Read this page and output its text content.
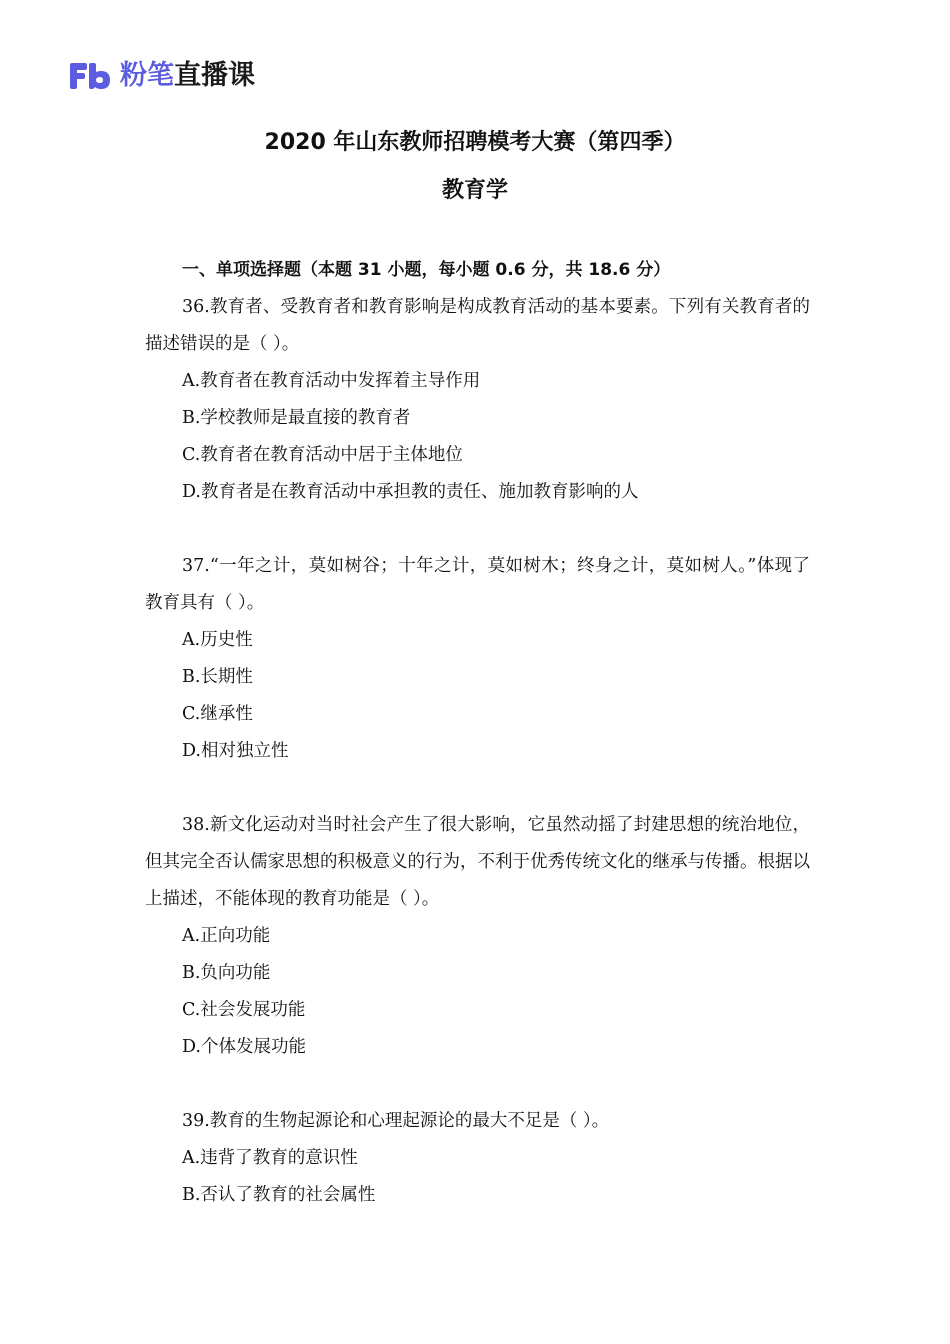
粉笔直播课
2020 年山东教师招聘模考大赛（第四季）
教育学

一、单项选择题（本题 31 小题，每小题 0.6 分，共 18.6 分）

36.教育者、受教育者和教育影响是构成教育活动的基本要素。下列有关教育者的描述错误的是（ ）。

A.教育者在教育活动中发挥着主导作用

B.学校教师是最直接的教育者

C.教育者在教育活动中居于主体地位

D.教育者是在教育活动中承担教的责任、施加教育影响的人

37.“一年之计，莫如树谷；十年之计，莫如树木；终身之计，莫如树人。”体现了教育具有（ ）。

A.历史性

B.长期性

C.继承性

D.相对独立性

38.新文化运动对当时社会产生了很大影响，它虽然动摇了封建思想的统治地位，但其完全否认儒家思想的积极意义的行为，不利于优秀传统文化的继承与传播。根据以上描述，不能体现的教育功能是（ ）。

A.正向功能

B.负向功能

C.社会发展功能

D.个体发展功能

39.教育的生物起源论和心理起源论的最大不足是（ ）。

A.违背了教育的意识性

B.否认了教育的社会属性
